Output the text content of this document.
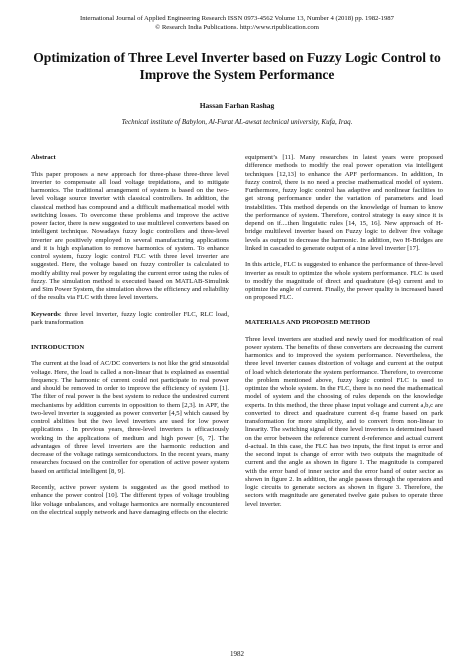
International Journal of Applied Engineering Research ISSN 0973-4562 Volume 13, Number 4 (2018) pp. 1982-1987
© Research India Publications. http://www.ripublication.com
Optimization of Three Level Inverter based on Fuzzy Logic Control to
Improve the System Performance
Hassan Farhan Rashag
Technical institute of Babylon, Al-Furat AL-awsat technical university, Kufa, Iraq.
Abstract

This paper proposes a new approach for three-phase three-three level inverter to compensate all load voltage trepidations, and to mitigate harmonics. The traditional arrangement of system is based on the two-level voltage source inverter with classical controllers. In addition, the classical method has compound and a difficult mathematical model with switching losses. To overcome these problems and improve the active power factor, there is new suggested to use multilevel converters based on intelligent technique. Nowadays fuzzy logic controllers and three-level inverter are positively employed in several manufacturing applications and it is high explanation to remove harmonics of system. To enhance control system, fuzzy logic control FLC with three level inverter are suggested. Here, the voltage based on fuzzy controller is calculated to modify ability real power by regulating the current error using the rules of fuzzy. The simulation method is executed based on MATLAB-Simulink and Sim Power System, the simulation shows the efficiency and reliability of the results via FLC with three level inverters.

Keywords: three level inverter, fuzzy logic controller FLC, RLC load, park transformation

INTRODUCTION

The current at the load of AC/DC converters is not like the grid sinusoidal voltage. Here, the load is called a non-linear that is explained as essential frequency. The harmonic of current could not participate to real power and should be removed in order to improve the efficiency of system [1]. The filter of real power is the best system to reduce the undesired current mechanisms by addition currents in opposition to them [2,3]. in APF, the two-level inverter is suggested as power converter [4,5] which caused by control abilities but the two level inverters are used for low power applications . In previous years, three-level inverters is efficaciously working in the applications of medium and high power [6, 7]. The advantages of three level inverters are the harmonic reduction and decrease of the voltage ratings semiconductors. In the recent years, many researches focused on the controller for operation of active power system based on artificial intelligent [8, 9].

Recently, active power system is suggested as the good method to enhance the power control [10]. The different types of voltage troubling like voltage unbalances, and voltage harmonics are normally encountered on the electrical supply network and have damaging effects on the electric

equipment’s [11]. Many researches in latest years were proposed difference methods to modify the real power operation via intelligent techniques [12,13] to enhance the APF performances. In addition, In fuzzy control, there is no need a precise mathematical model of system. Furthermore, fuzzy logic control has adaptive and nonlinear facilities to get strong performance under the variation of parameters and load instabilities. This method depends on the knowledge of human to know the performance of system. Therefore, control strategy is easy since it is depend on if....then linguistic rules [14, 15, 16]. New approach of H-bridge multilevel inverter based on Fuzzy logic to deliver five voltage levels as output to decrease the harmonic. In addition, two H-Bridges are linked in cascaded to generate output of a nine level inverter [17].

In this article, FLC is suggested to enhance the performance of three-level inverter as result to optimize the whole system performance. FLC is used to modify the magnitude of direct and quadrature (d-q) current and to optimize the angle of current. Finally, the power quality is increased based on proposed FLC.

MATERIALS AND PROPOSED METHOD

Three level inverters are studied and newly used for modification of real power system. The benefits of these converters are decreasing the current harmonics and to improved the system performance. Nevertheless, the three level inverter causes distortion of voltage and current at the output of load which deteriorate the system performance. Therefore, to overcome the problem mentioned above, fuzzy logic control FLC is used to optimize the whole system. In the FLC, there is no need the mathematical model of system and the choosing of rules depends on the knowledge experts. In this method, the three phase input voltage and current a,b,c are converted to direct and quadrature current d-q frame based on park transformation for more simplicity, and to convert from non-linear to linearity. The switching signal of three level inverters is determined based on the error between the reference current d-reference and actual current d-actual. In this case, the FLC has two inputs, the first input is error and the second input is change of error with two outputs the magnitude of current and the angle as shown in figure 1. The magnitude is compared with the error band of inner sector and the error band of outer sector as shown in figure 2. In addition, the angle passes through the operators and logic circuits to generate sectors as shown in figure 3. Therefore, the sectors with magnitude are generated twelve gate pulses to operate three level inverter.

1982
